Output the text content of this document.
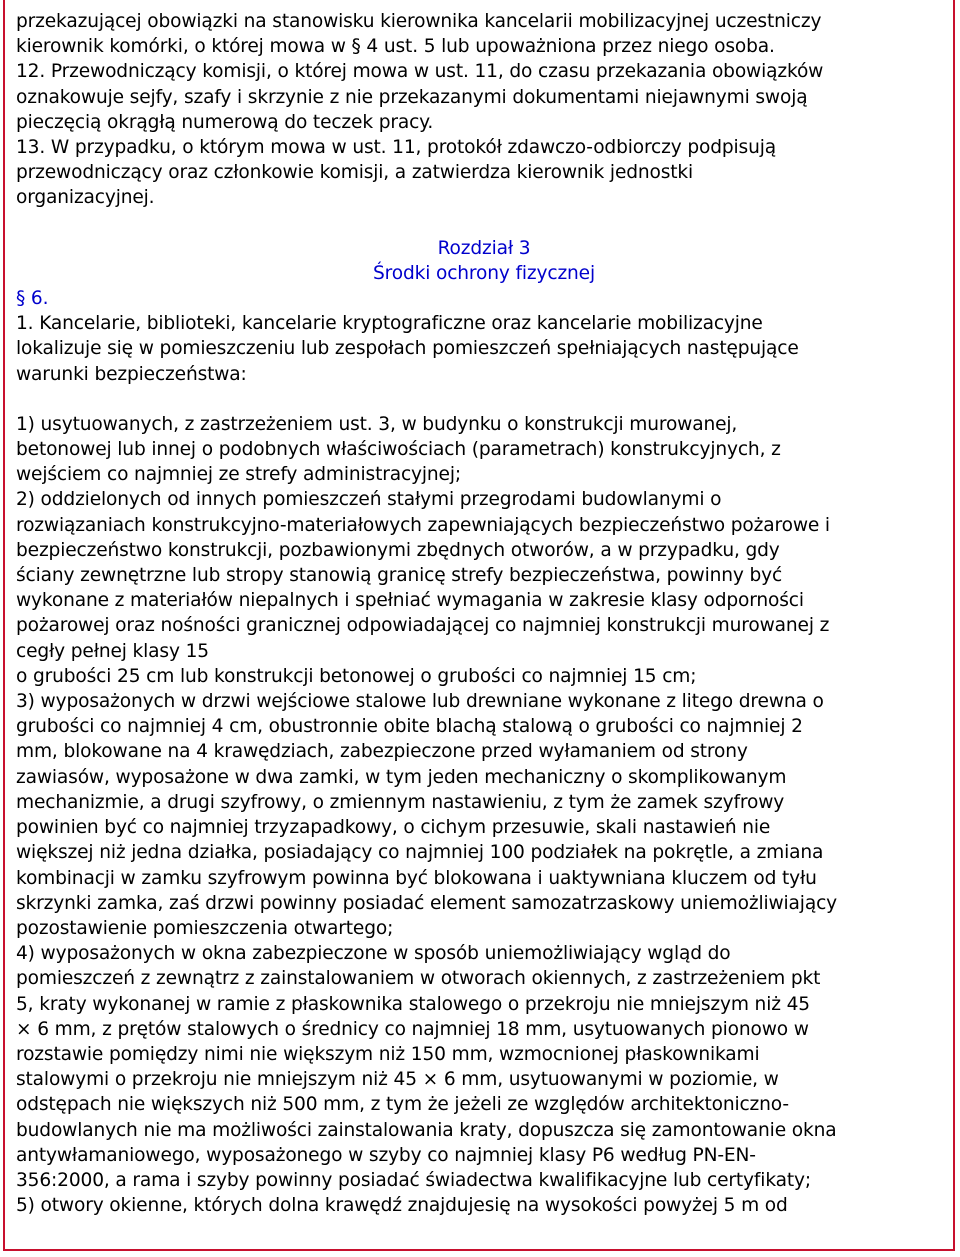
przekazującej obowiązki na stanowisku kierownika kancelarii mobilizacyjnej uczestniczy

kierownik komórki, o której mowa w § 4 ust. 5 lub upoważniona przez niego osoba.

12. Przewodniczący komisji, o której mowa w ust. 11, do czasu przekazania obowiązków

oznakowuje sejfy, szafy i skrzynie z nie przekazanymi dokumentami niejawnymi swoją

pieczęcią okrągłą numerową do teczek pracy.

13. W przypadku, o którym mowa w ust. 11, protokół zdawczo-odbiorczy podpisują

przewodniczący oraz członkowie komisji, a zatwierdza kierownik jednostki

organizacyjnej.

Rozdział 3

Środki ochrony fizycznej

§ 6.

1. Kancelarie, biblioteki, kancelarie kryptograficzne oraz kancelarie mobilizacyjne

lokalizuje się w pomieszczeniu lub zespołach pomieszczeń spełniających następujące

warunki bezpieczeństwa:

1) usytuowanych, z zastrzeżeniem ust. 3, w budynku o konstrukcji murowanej,

betonowej lub innej o podobnych właściwościach (parametrach) konstrukcyjnych, z

wejściem co najmniej ze strefy administracyjnej;

2) oddzielonych od innych pomieszczeń stałymi przegrodami budowlanymi o

rozwiązaniach konstrukcyjno-materiałowych zapewniających bezpieczeństwo pożarowe i

bezpieczeństwo konstrukcji, pozbawionymi zbędnych otworów, a w przypadku, gdy

ściany zewnętrzne lub stropy stanowią granicę strefy bezpieczeństwa, powinny być

wykonane z materiałów niepalnych i spełniać wymagania w zakresie klasy odporności

pożarowej oraz nośności granicznej odpowiadającej co najmniej konstrukcji murowanej z

cegły pełnej klasy 15

o grubości 25 cm lub konstrukcji betonowej o grubości co najmniej 15 cm;

3) wyposażonych w drzwi wejściowe stalowe lub drewniane wykonane z litego drewna o

grubości co najmniej 4 cm, obustronnie obite blachą stalową o grubości co najmniej 2

mm, blokowane na 4 krawędziach, zabezpieczone przed wyłamaniem od strony

zawiasów, wyposażone w dwa zamki, w tym jeden mechaniczny o skomplikowanym

mechanizmie, a drugi szyfrowy, o zmiennym nastawieniu, z tym że zamek szyfrowy

powinien być co najmniej trzyzapadkowy, o cichym przesuwie, skali nastawień nie

większej niż jedna działka, posiadający co najmniej 100 podziałek na pokrętle, a zmiana

kombinacji w zamku szyfrowym powinna być blokowana i uaktywniana kluczem od tyłu

skrzynki zamka, zaś drzwi powinny posiadać element samozatrzaskowy uniemożliwiający

pozostawienie pomieszczenia otwartego;

4) wyposażonych w okna zabezpieczone w sposób uniemożliwiający wgląd do

pomieszczeń z zewnątrz z zainstalowaniem w otworach okiennych, z zastrzeżeniem pkt

5, kraty wykonanej w ramie z płaskownika stalowego o przekroju nie mniejszym niż 45

× 6 mm, z prętów stalowych o średnicy co najmniej 18 mm, usytuowanych pionowo w

rozstawie pomiędzy nimi nie większym niż 150 mm, wzmocnionej płaskownikami

stalowymi o przekroju nie mniejszym niż 45 × 6 mm, usytuowanymi w poziomie, w

odstępach nie większych niż 500 mm, z tym że jeżeli ze względów architektoniczno-

budowlanych nie ma możliwości zainstalowania kraty, dopuszcza się zamontowanie okna

antywłamaniowego, wyposażonego w szyby co najmniej klasy P6 według PN-EN-

356:2000, a rama i szyby powinny posiadać świadectwa kwalifikacyjne lub certyfikaty;

5) otwory okienne, których dolna krawędź znajdujesię na wysokości powyżej 5 m od
